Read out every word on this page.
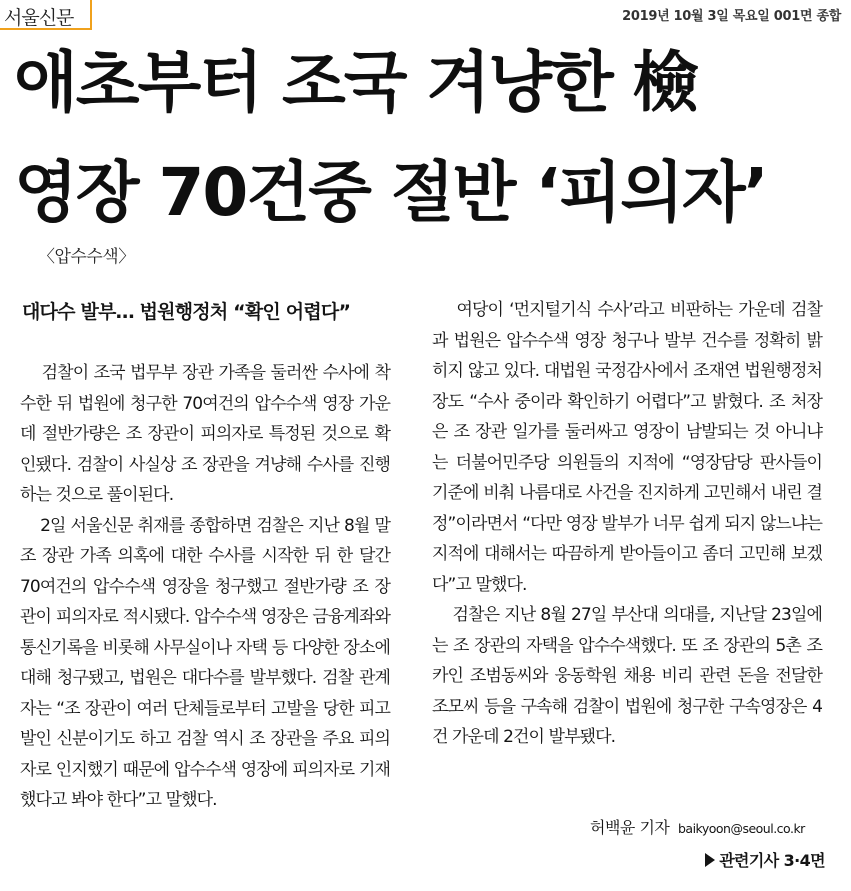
서울신문	2019년 10월 3일 목요일 001면 종합
애초부터 조국 겨냥한 檢
영장 70건중 절반 ‘피의자’
〈압수수색〉
대다수 발부… 법원행정처 “확인 어렵다”

검찰이 조국 법무부 장관 가족을 둘러싼 수사에 착수한 뒤 법원에 청구한 70여건의 압수수색 영장 가운데 절반가량은 조 장관이 피의자로 특정된 것으로 확인됐다. 검찰이 사실상 조 장관을 겨냥해 수사를 진행하는 것으로 풀이된다.

2일 서울신문 취재를 종합하면 검찰은 지난 8월 말 조 장관 가족 의혹에 대한 수사를 시작한 뒤 한 달간 70여건의 압수수색 영장을 청구했고 절반가량 조 장관이 피의자로 적시됐다. 압수수색 영장은 금융계좌와 통신기록을 비롯해 사무실이나 자택 등 다양한 장소에 대해 청구됐고, 법원은 대다수를 발부했다. 검찰 관계자는 “조 장관이 여러 단체들로부터 고발을 당한 피고발인 신분이기도 하고 검찰 역시 조 장관을 주요 피의자로 인지했기 때문에 압수수색 영장에 피의자로 기재했다고 봐야 한다”고 말했다.

여당이 ‘먼지털기식 수사’라고 비판하는 가운데 검찰과 법원은 압수수색 영장 청구나 발부 건수를 정확히 밝히지 않고 있다. 대법원 국정감사에서 조재연 법원행정처장도 “수사 중이라 확인하기 어렵다”고 밝혔다. 조 처장은 조 장관 일가를 둘러싸고 영장이 남발되는 것 아니냐는 더불어민주당 의원들의 지적에 “영장담당 판사들이 기준에 비춰 나름대로 사건을 진지하게 고민해서 내린 결정”이라면서 “다만 영장 발부가 너무 쉽게 되지 않느냐는 지적에 대해서는 따끔하게 받아들이고 좀더 고민해 보겠다”고 말했다.

검찰은 지난 8월 27일 부산대 의대를, 지난달 23일에는 조 장관의 자택을 압수수색했다. 또 조 장관의 5촌 조카인 조범동씨와 웅동학원 채용 비리 관련 돈을 전달한 조모씨 등을 구속해 검찰이 법원에 청구한 구속영장은 4건 가운데 2건이 발부됐다.

허백윤 기자 baikyoon@seoul.co.kr
관련기사 3·4면
